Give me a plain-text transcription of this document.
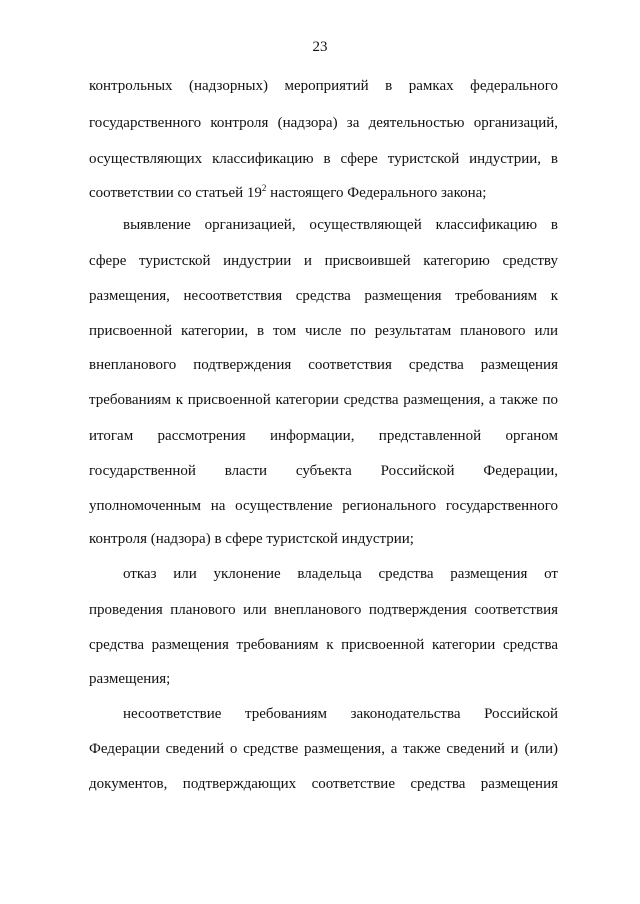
23
контрольных (надзорных) мероприятий в рамках федерального
государственного контроля (надзора) за деятельностью организаций,
осуществляющих классификацию в сфере туристской индустрии, в
соответствии со статьей $19^2$ настоящего Федерального закона;
выявление организацией, осуществляющей классификацию в
сфере туристской индустрии и присвоившей категорию средству
размещения, несоответствия средства размещения требованиям к
присвоенной категории, в том числе по результатам планового или
внепланового подтверждения соответствия средства размещения
требованиям к присвоенной категории средства размещения, а также по
итогам рассмотрения информации, представленной органом
государственной власти субъекта Российской Федерации,
уполномоченным на осуществление регионального государственного
контроля (надзора) в сфере туристской индустрии;
отказ или уклонение владельца средства размещения от
проведения планового или внепланового подтверждения соответствия
средства размещения требованиям к присвоенной категории средства
размещения;
несоответствие требованиям законодательства Российской
Федерации сведений о средстве размещения, а также сведений и (или)
документов, подтверждающих соответствие средства размещения
